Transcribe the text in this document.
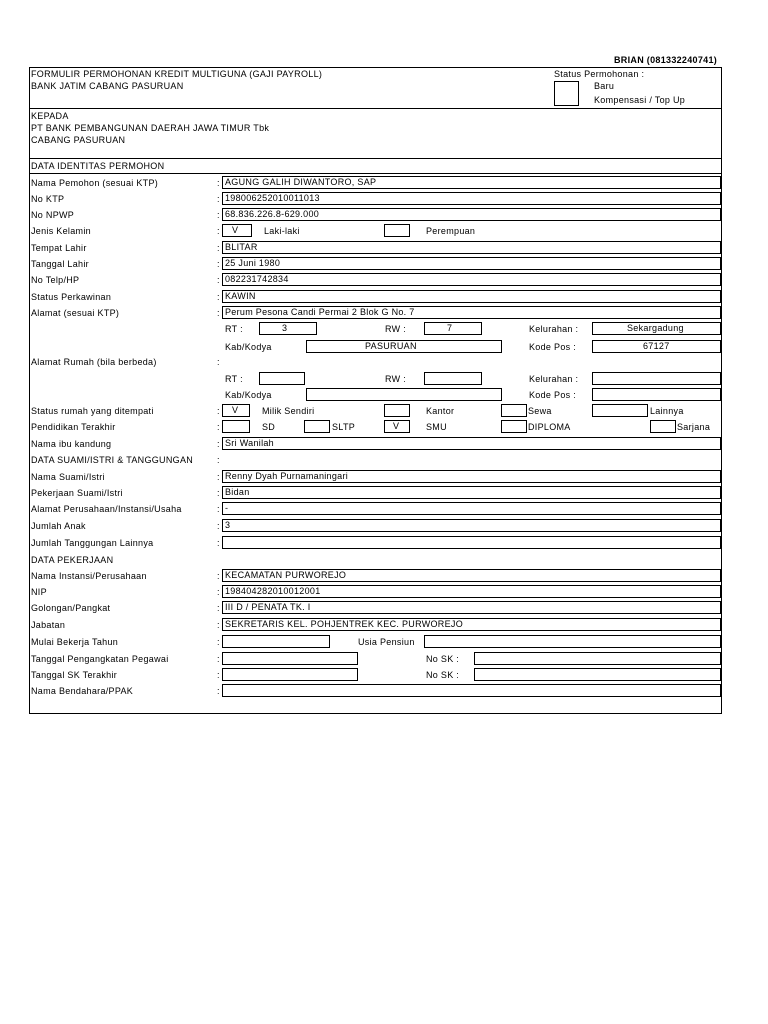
BRIAN (081332240741)
FORMULIR PERMOHONAN KREDIT MULTIGUNA (GAJI PAYROLL)
BANK JATIM CABANG PASURUAN
Status Permohonan :
Baru
Kompensasi / Top Up
KEPADA
PT BANK PEMBANGUNAN DAERAH JAWA TIMUR Tbk
CABANG PASURUAN
DATA IDENTITAS PERMOHON
Nama Pemohon (sesuai KTP)	: AGUNG GALIH DIWANTORO, SAP
No KTP	: 198006252010011013
No NPWP	: 68.836.226.8-629.000
Jenis Kelamin	: V	Laki-laki	Perempuan
Tempat Lahir	: BLITAR
Tanggal Lahir	: 25 Juni 1980
No Telp/HP	: 082231742834
Status Perkawinan	: KAWIN
Alamat (sesuai KTP)	: Perum Pesona Candi Permai 2 Blok G No. 7
RT :	3	RW :	7	Kelurahan :	Sekargadung
Kab/Kodya	PASURUAN	Kode Pos :	67127
Alamat Rumah (bila berbeda)	:
RT :	RW :	Kelurahan :
Kab/Kodya	Kode Pos :
Status rumah yang ditempati	: V	Milik Sendiri	Kantor	Sewa	Lainnya
Pendidikan Terakhir	:	SD	SLTP	V	SMU	DIPLOMA	Sarjana
Nama ibu kandung	: Sri Wanilah
DATA SUAMI/ISTRI & TANGGUNGAN	:
Nama Suami/Istri	: Renny Dyah Purnamaningari
Pekerjaan Suami/Istri	: Bidan
Alamat Perusahaan/Instansi/Usaha	: -
Jumlah Anak	: 3
Jumlah Tanggungan Lainnya	:
DATA PEKERJAAN
Nama Instansi/Perusahaan	: KECAMATAN PURWOREJO
NIP	: 198404282010012001
Golongan/Pangkat	: III D / PENATA TK. I
Jabatan	: SEKRETARIS KEL. POHJENTREK KEC. PURWOREJO
Mulai Bekerja Tahun	:	Usia Pensiun
Tanggal Pengangkatan Pegawai	:	No SK :
Tanggal SK Terakhir	:	No SK :
Nama Bendahara/PPAK	:
